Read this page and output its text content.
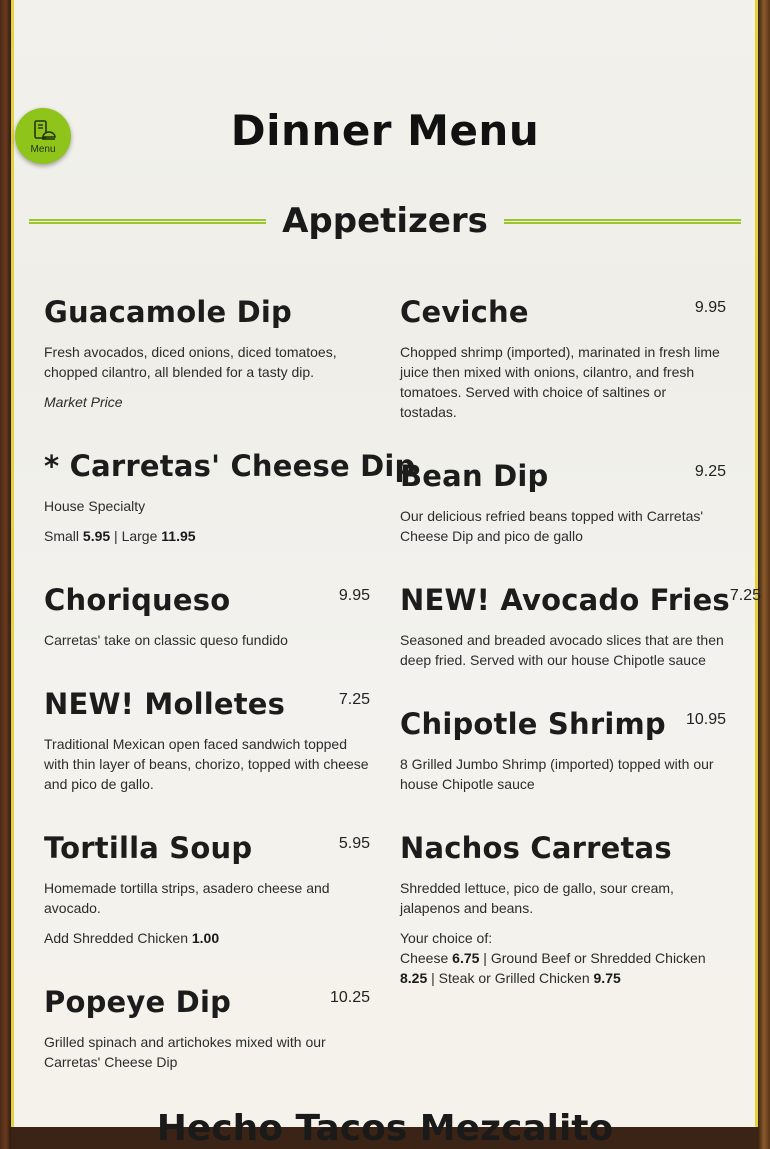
Menu	Dinner Menu
Appetizers
Guacamole Dip
Fresh avocados, diced onions, diced tomatoes, chopped cilantro, all blended for a tasty dip.
Market Price
* Carretas' Cheese Dip
House Specialty
Small 5.95 | Large 11.95
Choriqueso	9.95
Carretas' take on classic queso fundido
NEW! Molletes	7.25
Traditional Mexican open faced sandwich topped with thin layer of beans, chorizo, topped with cheese and pico de gallo.
Tortilla Soup	5.95
Homemade tortilla strips, asadero cheese and avocado.
Add Shredded Chicken 1.00
Popeye Dip	10.25
Grilled spinach and artichokes mixed with our Carretas' Cheese Dip
Ceviche	9.95
Chopped shrimp (imported), marinated in fresh lime juice then mixed with onions, cilantro, and fresh tomatoes. Served with choice of saltines or tostadas.
Bean Dip	9.25
Our delicious refried beans topped with Carretas' Cheese Dip and pico de gallo
NEW! Avocado Fries 7.25
Seasoned and breaded avocado slices that are then deep fried. Served with our house Chipotle sauce
Chipotle Shrimp 10.95
8 Grilled Jumbo Shrimp (imported) topped with our house Chipotle sauce
Nachos Carretas
Shredded lettuce, pico de gallo, sour cream, jalapenos and beans.
Your choice of:
Cheese 6.75 | Ground Beef or Shredded Chicken 8.25 | Steak or Grilled Chicken 9.75
Hecho Tacos Mezcalito
